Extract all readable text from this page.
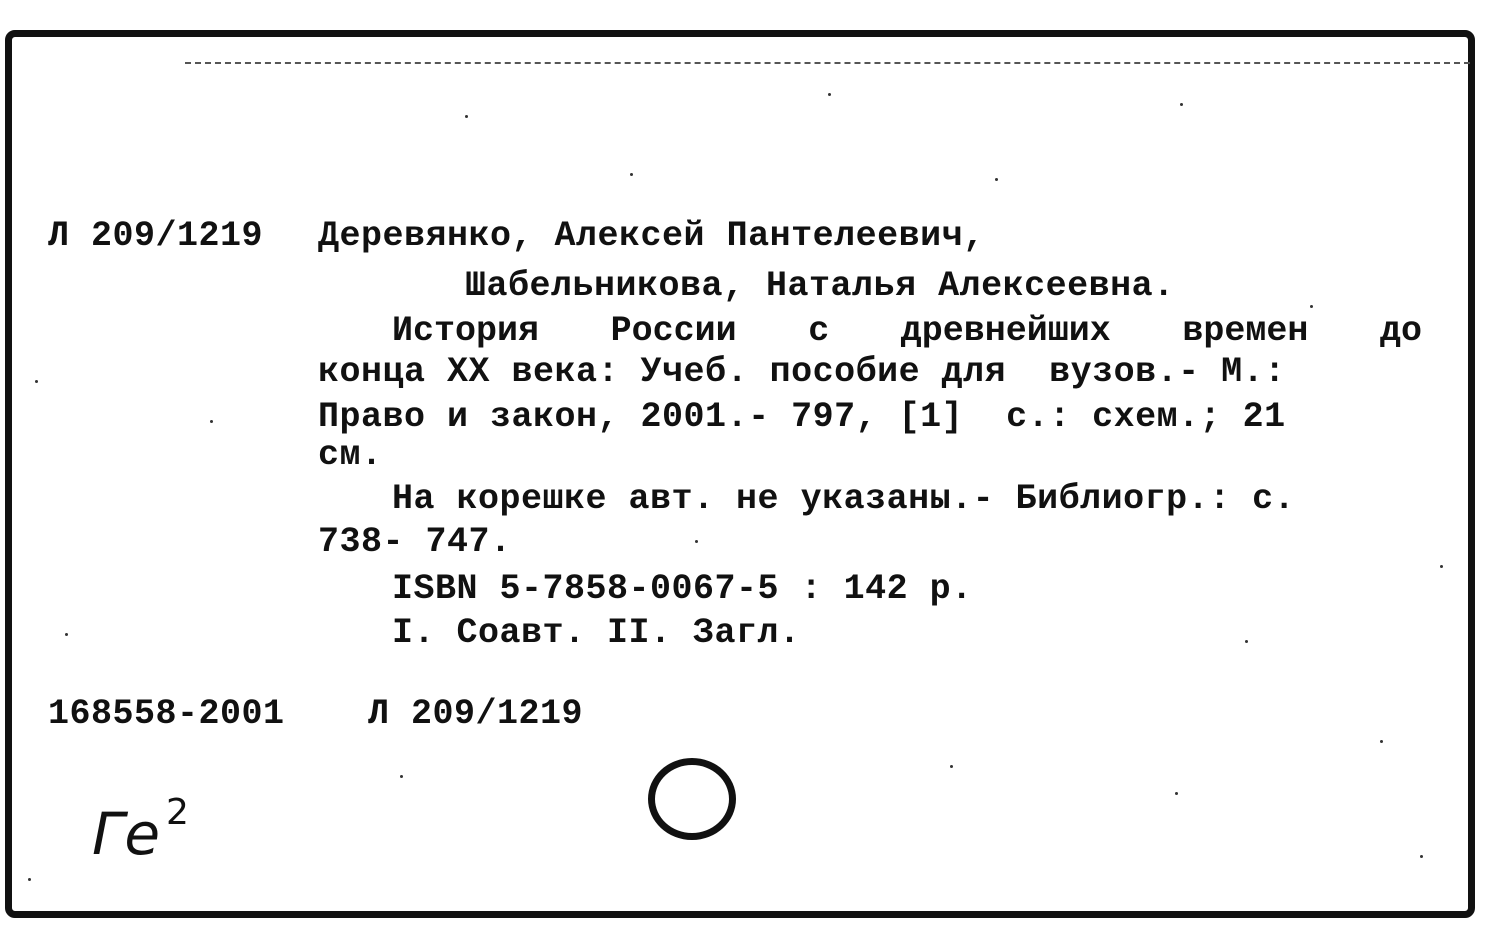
Л 209/1219 Деревянко, Алексей Пантелеевич,
Шабельникова, Наталья Алексеевна.
История России с древнейших времен до
конца XX века: Учеб. пособие для  вузов.- М.:
Право и закон, 2001.- 797, [1]  с.: схем.; 21
см.
На корешке авт. не указаны.- Библиогр.: с.
738- 747.
ISBN 5-7858-0067-5 : 142 р.
I. Соавт. II. Загл.
168558-2001 Л 209/1219
Ге $^2$
